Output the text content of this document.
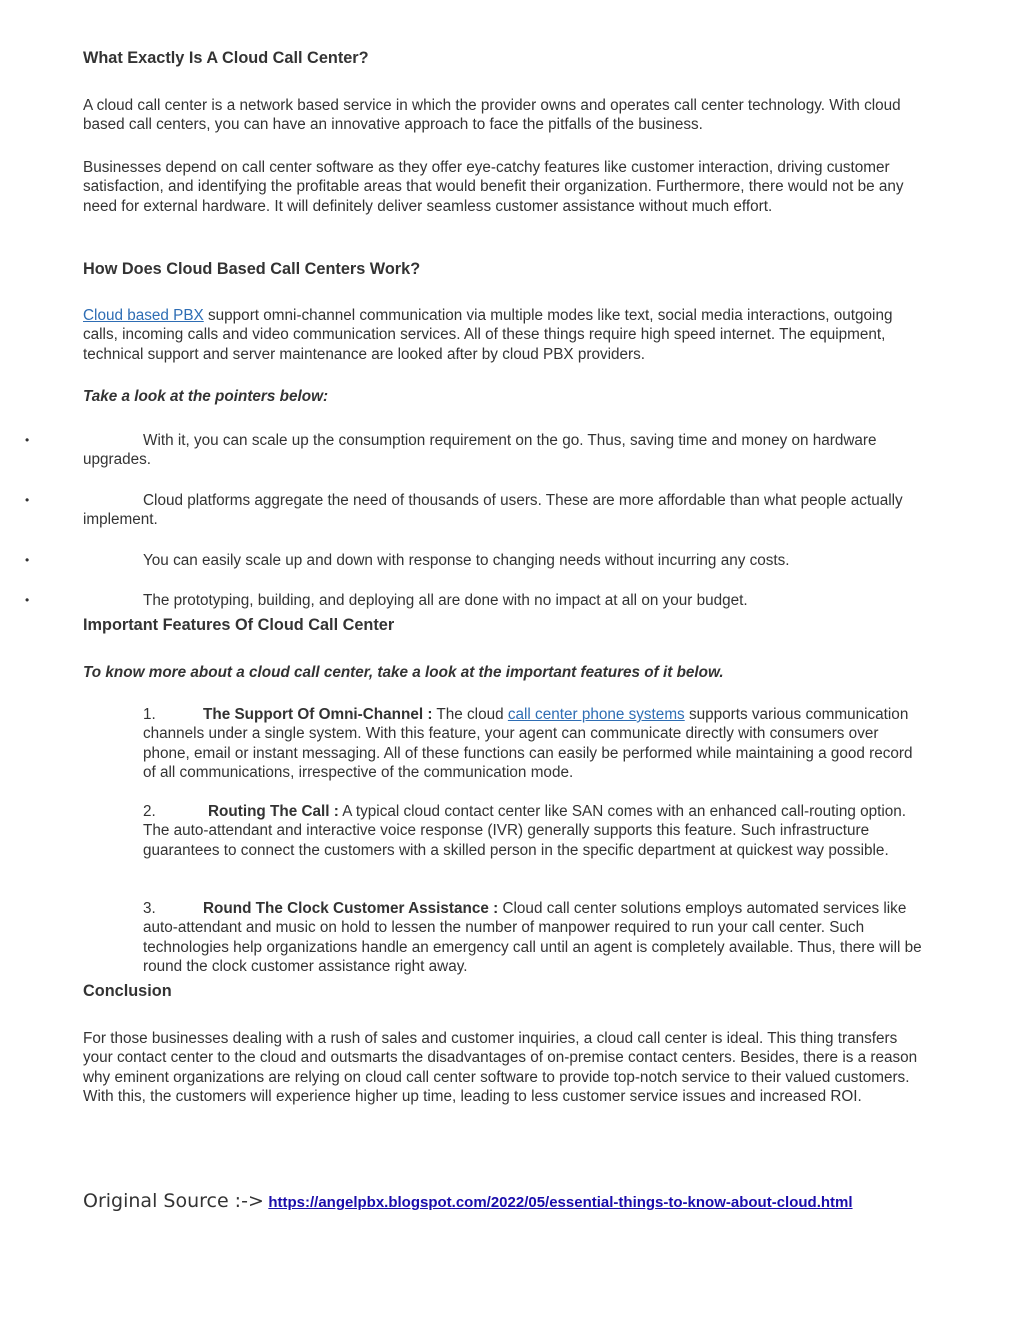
What Exactly Is A Cloud Call Center?

A cloud call center is a network based service in which the provider owns and operates call center technology. With cloud based call centers, you can have an innovative approach to face the pitfalls of the business.

Businesses depend on call center software as they offer eye-catchy features like customer interaction, driving customer satisfaction, and identifying the profitable areas that would benefit their organization. Furthermore, there would not be any need for external hardware. It will definitely deliver seamless customer assistance without much effort.

How Does Cloud Based Call Centers Work?

Cloud based PBX support omni-channel communication via multiple modes like text, social media interactions, outgoing calls, incoming calls and video communication services. All of these things require high speed internet. The equipment, technical support and server maintenance are looked after by cloud PBX providers.

Take a look at the pointers below:

•	With it, you can scale up the consumption requirement on the go. Thus, saving time and money on hardware upgrades.
•	Cloud platforms aggregate the need of thousands of users. These are more affordable than what people actually implement.
•	You can easily scale up and down with response to changing needs without incurring any costs.
•	The prototyping, building, and deploying all are done with no impact at all on your budget.
Important Features Of Cloud Call Center

To know more about a cloud call center, take a look at the important features of it below.

1.	The Support Of Omni-Channel : The cloud call center phone systems supports various communication channels under a single system. With this feature, your agent can communicate directly with consumers over phone, email or instant messaging. All of these functions can easily be performed while maintaining a good record of all communications, irrespective of the communication mode.
2.	Routing The Call : A typical cloud contact center like SAN comes with an enhanced call-routing option. The auto-attendant and interactive voice response (IVR) generally supports this feature. Such infrastructure guarantees to connect the customers with a skilled person in the specific department at quickest way possible.
3.	Round The Clock Customer Assistance : Cloud call center solutions employs automated services like auto-attendant and music on hold to lessen the number of manpower required to run your call center. Such technologies help organizations handle an emergency call until an agent is completely available. Thus, there will be round the clock customer assistance right away.
Conclusion

For those businesses dealing with a rush of sales and customer inquiries, a cloud call center is ideal. This thing transfers your contact center to the cloud and outsmarts the disadvantages of on-premise contact centers. Besides, there is a reason why eminent organizations are relying on cloud call center software to provide top-notch service to their valued customers. With this, the customers will experience higher up time, leading to less customer service issues and increased ROI.

Original Source :-> https://angelpbx.blogspot.com/2022/05/essential-things-to-know-about-cloud.html
